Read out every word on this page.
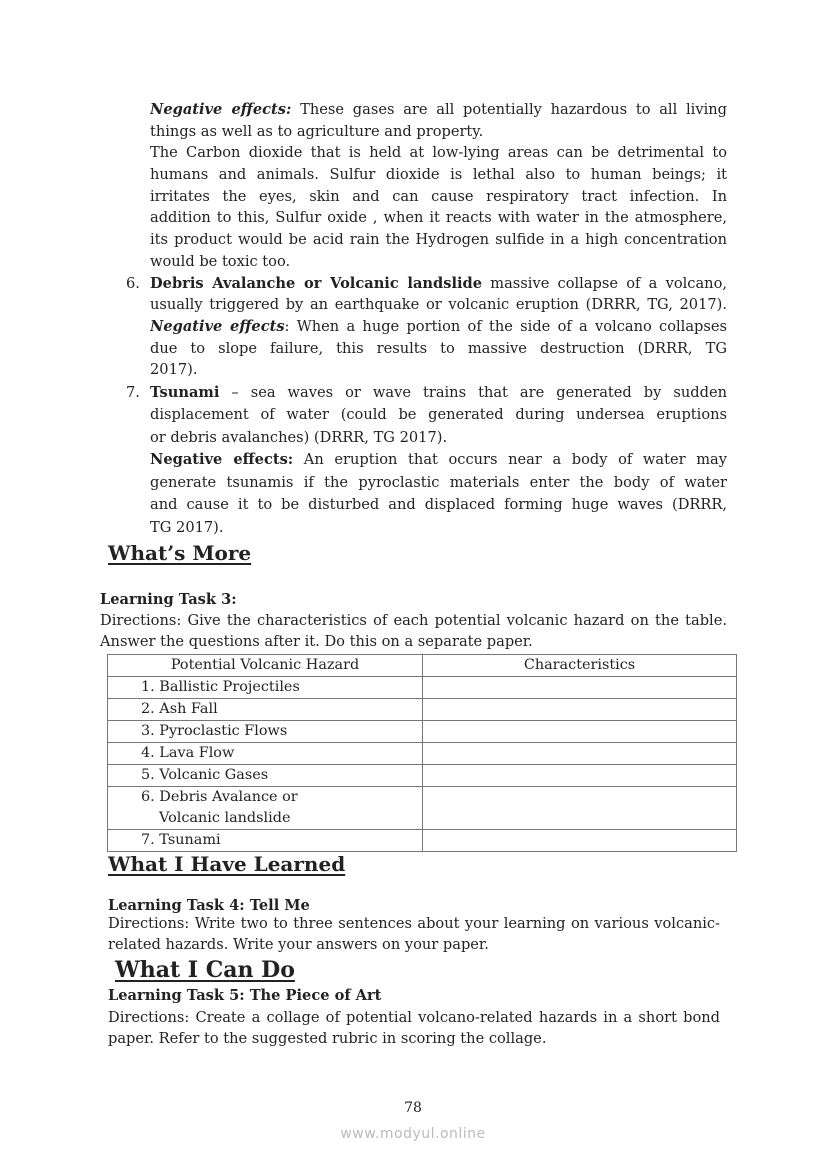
Negative effects: These gases are all potentially hazardous to all living
things as well as to agriculture and property.
The Carbon dioxide that is held at low-lying areas can be detrimental to
humans and animals. Sulfur dioxide is lethal also to human beings; it
irritates the eyes, skin and can cause respiratory tract infection. In
addition to this, Sulfur oxide , when it reacts with water in the atmosphere,
its product would be acid rain the Hydrogen sulfide in a high concentration
would be toxic too.
6. Debris Avalanche or Volcanic landslide massive collapse of a volcano,
usually triggered by an earthquake or volcanic eruption (DRRR, TG, 2017).
Negative effects: When a huge portion of the side of a volcano collapses
due to slope failure, this results to massive destruction (DRRR, TG
2017).
7. Tsunami – sea waves or wave trains that are generated by sudden
displacement of water (could be generated during undersea eruptions
or debris avalanches) (DRRR, TG 2017).
Negative effects: An eruption that occurs near a body of water may
generate tsunamis if the pyroclastic materials enter the body of water
and cause it to be disturbed and displaced forming huge waves (DRRR,
TG 2017).
What’s More
Learning Task 3:
Directions: Give the characteristics of each potential volcanic hazard on the table.
Answer the questions after it. Do this on a separate paper.
Potential Volcanic Hazard	Characteristics
1. Ballistic Projectiles	
2. Ash Fall	
3. Pyroclastic Flows	
4. Lava Flow	
5. Volcanic Gases	

6. Debris Avalance or
Volcanic landslide	

7. Tsunami	
What I Have Learned
Learning Task 4: Tell Me
Directions: Write two to three sentences about your learning on various volcanic-
related hazards. Write your answers on your paper.
What I Can Do
Learning Task 5: The Piece of Art
Directions: Create a collage of potential volcano-related hazards in a short bond
paper. Refer to the suggested rubric in scoring the collage.
78
www.modyul.online
